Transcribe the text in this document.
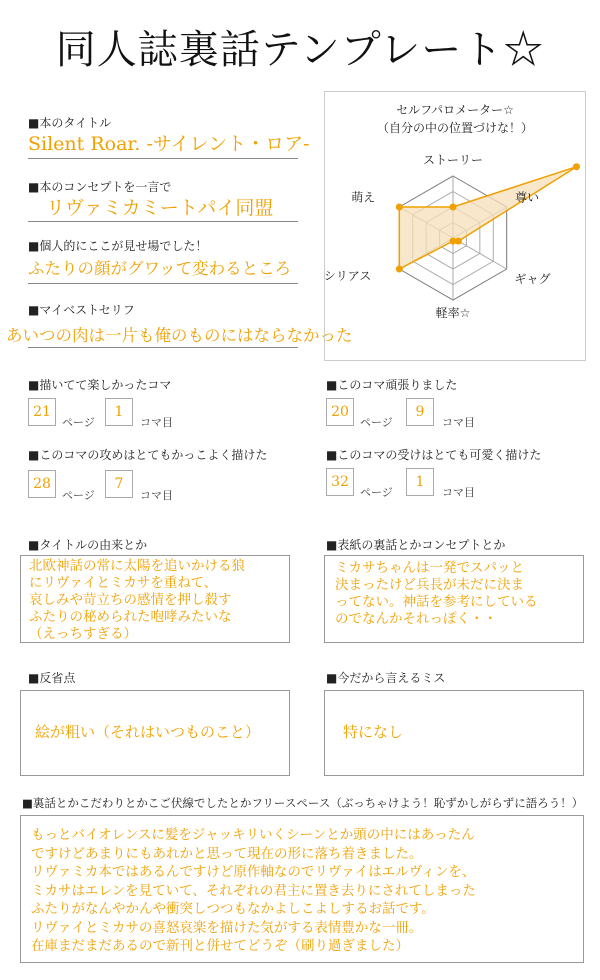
同人誌裏話テンプレート☆
■本のタイトル
Silent Roar. -サイレント・ロア-
■本のコンセプトを一言で
リヴァミカミートパイ同盟
■個人的にここが見せ場でした！
ふたりの顔がグワッて変わるところ
■マイベストセリフ
あいつの肉は一片も俺のものにはならなかった
セルフパロメーター☆
（自分の中の位置づけな！）
ストーリー
尊い
ギャグ
軽率☆
シリアス
萌え
■描いてて楽しかったコマ
21
ページ
1
コマ目
■このコマ頑張りました
20
ページ
9
コマ目
■このコマの攻めはとてもかっこよく描けた
28
ページ
7
コマ目
■このコマの受けはとても可愛く描けた
32
ページ
1
コマ目
■タイトルの由来とか
北欧神話の常に太陽を追いかける狼
にリヴァイとミカサを重ねて、
哀しみや苛立ちの感情を押し殺す
ふたりの秘められた咆哮みたいな
（えっちすぎる）
■表紙の裏話とかコンセプトとか
ミカサちゃんは一発でスパッと
決まったけど兵長が未だに決ま
ってない。神話を参考にしている
のでなんかそれっぽく・・
■反省点
絵が粗い（それはいつものこと）
■今だから言えるミス
特になし
■裏話とかこだわりとかこご伏線でしたとかフリースペース（ぶっちゃけよう！恥ずかしがらずに語ろう！）
もっとバイオレンスに髪をジャッキリいくシーンとか頭の中にはあったん
ですけどあまりにもあれかと思って現在の形に落ち着きました。
リヴァミカ本ではあるんですけど原作軸なのでリヴァイはエルヴィンを、
ミカサはエレンを見ていて、それぞれの君主に置き去りにされてしまった
ふたりがなんやかんや衝突しつつもなかよしこよしするお話です。
リヴァイとミカサの喜怒哀楽を描けた気がする表情豊かな一冊。
在庫まだまだあるので新刊と併せてどうぞ（刷り過ぎました）
